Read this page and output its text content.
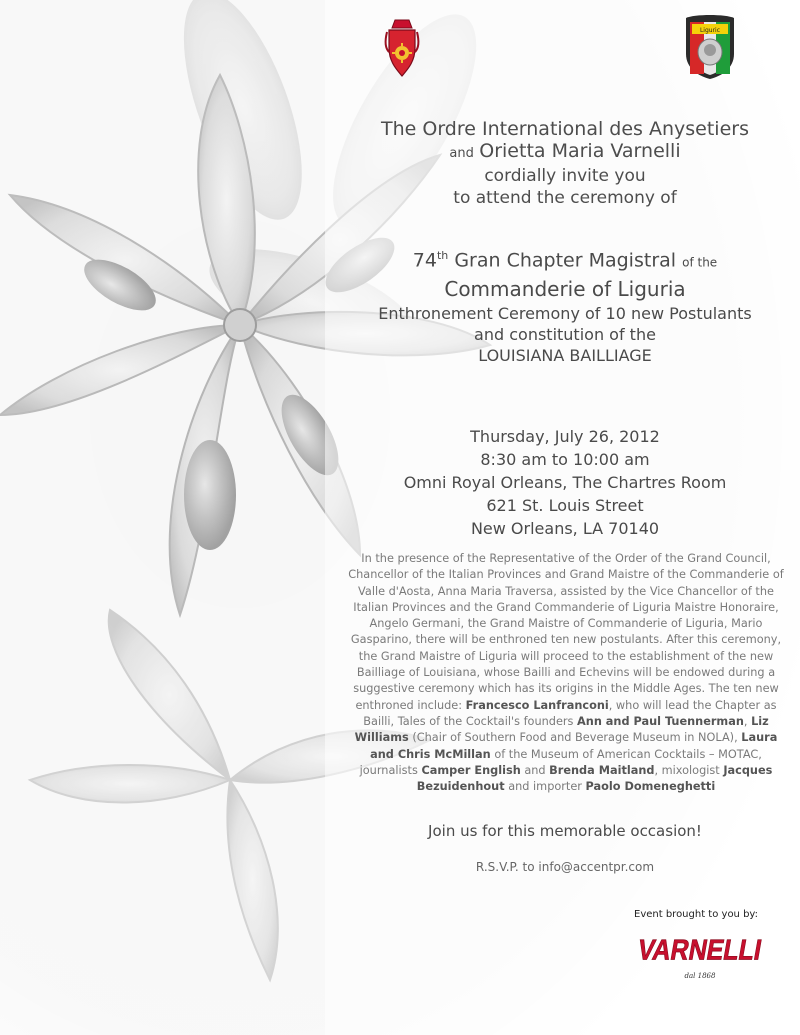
Liguric
The Ordre International des Anysetiers
and Orietta Maria Varnelli
cordially invite you
to attend the ceremony of
74th Gran Chapter Magistral of the
Commanderie of Liguria
Enthronement Ceremony of 10 new Postulants
and constitution of the
LOUISIANA BAILLIAGE
Thursday, July 26, 2012
8:30 am to 10:00 am
Omni Royal Orleans, The Chartres Room
621 St. Louis Street
New Orleans, LA 70140
In the presence of the Representative of the Order of the Grand Council, Chancellor of the Italian Provinces and Grand Maistre of the Commanderie of Valle d'Aosta, Anna Maria Traversa, assisted by the Vice Chancellor of the Italian Provinces and the Grand Commanderie of Liguria Maistre Honoraire, Angelo Germani, the Grand Maistre of Commanderie of Liguria, Mario Gasparino, there will be enthroned ten new postulants. After this ceremony, the Grand Maistre of Liguria will proceed to the establishment of the new Bailliage of Louisiana, whose Bailli and Echevins will be endowed during a suggestive ceremony which has its origins in the Middle Ages. The ten new enthroned include: Francesco Lanfranconi, who will lead the Chapter as Bailli, Tales of the Cocktail's founders Ann and Paul Tuennerman, Liz Williams (Chair of Southern Food and Beverage Museum in NOLA), Laura and Chris McMillan of the Museum of American Cocktails – MOTAC, journalists Camper English and Brenda Maitland, mixologist Jacques Bezuidenhout and importer Paolo Domeneghetti
Join us for this memorable occasion!
R.S.V.P. to info@accentpr.com
Event brought to you by:
VARNELLI
dal 1868
